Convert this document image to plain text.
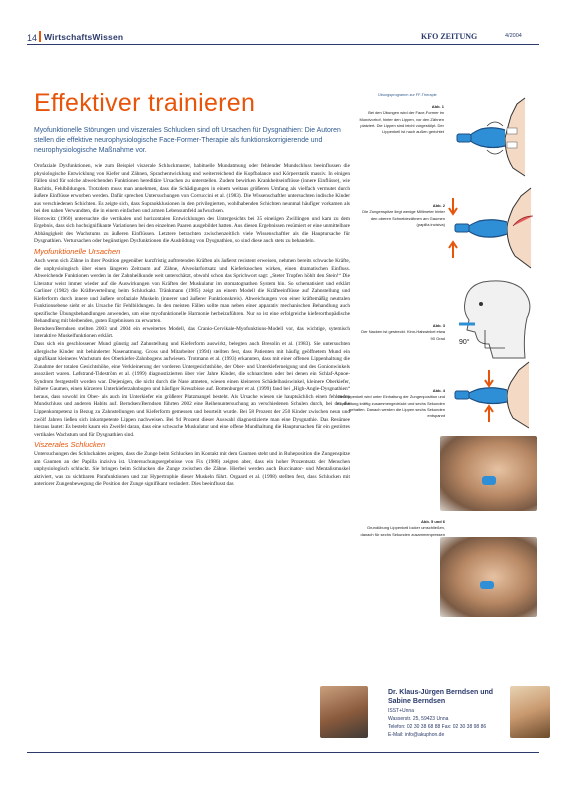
14 WirtschaftsWissen	KFO ZEITUNG	4/2004
Effektiver trainieren

Myofunktionelle Störungen und viszerales Schlucken sind oft Ursachen für Dysgnathien: Die Autoren stellen die effektive neurophysiologische Face-Former-Therapie als funktionskorrigierende und neurophysiologische Maßnahme vor.

Orofaziale Dysfunktionen, wie zum Beispiel viszerale Schluckmuster, habituelle Mundatmung oder fehlender Mundschluss beeinflussen die physiologische Entwicklung von Kiefer und Zähnen, Sprachentwicklung und weiterreichend die Kopfbalance und Körperstatik massiv. In einigen Fällen sind für solche abweichenden Funktionen hereditäre Ursachen zu unterstellen. Zudem bewirken Krankheitseinflüsse (innere Einflüsse), wie Rachitis, Fehlbildungen. Trotzdem muss man annehmen, dass die Schädigungen in einem weitaus größeren Umfang als vielfach vermutet durch äußere Einflüsse erworben werden. Dafür sprechen Untersuchungen von Corruccini et al. (1983). Die Wissenschaftler untersuchten indische Kinder aus verschiedenen Schichten. Es zeigte sich, dass Supraokklusionen in den privilegierten, wohlhabenden Schichten neunmal häufiger vorkamen als bei den nahen Verwandten, die in einem einfachen und armen Lebensumfeld aufwuchsen.

Horrowitz (1960) untersuchte die vertikalen und horizontalen Entwicklungen des Untergesichts bei 35 eineiigen Zwillingen und kam zu dem Ergebnis, dass sich hochsignifikante Variationen bei den einzelnen Paaren ausgebildet hatten. Aus diesen Ergebnissen resümiert er eine unmittelbare Abhängigkeit des Wachstums zu äußeren Einflüssen. Letztere betrachten zwischenzeitlich viele Wissenschaftler als die Hauptursache für Dysgnathien. Vertursachen oder begünstigen Dysfunktionen die Ausbildung von Dysgnathien, so sind diese auch stets zu behandeln.

Myofunktionelle Ursachen

Auch wenn sich Zähne in ihrer Position gegenüber kurzfristig auftretenden Kräften als äußerst resistent erweisen, nehmen bereits schwache Kräfte, die unphysiologisch über einen längeren Zeitraum auf Zähne, Alveolarfortsatz und Kieferknochen wirken, einen dramatischen Einfluss. Abweichende Funktionen werden in der Zahnheilkunde weit unterschätzt, obwohl schon das Sprichwort sagt: „Steter Tropfen höhlt den Stein!“ Die Literatur weist immer wieder auf die Auswirkungen von Kräften der Muskulatur im stomatognathen System hin. So schematisiert und erklärt Garliner (1982) die Kräfteverteilung beim Schluckakt. Tränkmann (1985) zeigt an einem Modell die Kräfteeinflüsse auf Zahnstellung und Kieferform durch innere und äußere orofaziale Muskeln (innerer und äußerer Funktionskreis). Abweichungen von einer kräftemäßig neutralen Funktionsebene sieht er als Ursache für Fehlbildungen. In den meisten Fällen sollte man neben einer apparativ mechanischen Behandlung auch spezifische Übungsbehandlungen anwenden, um eine myofunktionelle Harmonie herbeizuführen. Nur so ist eine erfolgreiche kieferorthopädische Behandlung mit bleibenden, guten Ergebnissen zu erwarten.

Berndsen/Berndsen stellten 2003 und 2004 ein erweitertes Modell, das Cranio-Cervikale-Myofunktions-Modell vor, das wichtige, sytemisch interaktive Muskelfunktionen erklärt.

Dass sich ein geschlossener Mund günstig auf Zahnstellung und Kieferform auswirkt, belegten auch Bresolin et al. (1983). Sie untersuchten allergische Kinder mit behinderter Nasenatmung. Gross und Mitarbeiter (1994) stellten fest, dass Patienten mit häufig geöffnetem Mund ein signifikant kleineres Wachstum des Oberkiefer-Zahnbogens aufwiesen. Trotmann et al. (1993) erkannten, dass mit einer offenen Lippenhaltung die Zunahme der totalen Gesichtshöhe, eine Verkleinerung der vorderen Untergesichtshöhe, der Ober- und Unterkieferneigung und des Gonionwinkels assoziiert waren. Løfstrand-Tideström et al. (1999) diagnostizierten über vier Jahre Kinder, die schnarchten oder bei denen ein Schlaf-Apnoe-Syndrom festgestellt worden war. Diejenigen, die nicht durch die Nase atmeten, wiesen einen kleineren Schädelbasiswinkel, kleinere Oberkiefer, höhere Gaumen, einen kürzeren Unterkieferzahnbogen und häufiger Kreuzbisse auf. Bottenburger et al. (1999) fand bei „High-Angle-Dysgnathien“ heraus, dass sowohl im Ober- als auch im Unterkiefer ein größerer Platzmangel besteht. Als Ursache wiesen sie hauptsächlich einen fehlenden Mundschluss und anderen Habits auf. Berndsen/Berndsen führten 2002 eine Reihenuntersuchung an verschiedenen Schulen durch, bei der die Lippenkompetenz in Bezug zu Zahnstellungen und Kieferform gemessen und beurteilt wurde. Bei 58 Prozent der 250 Kinder zwischen neun und zwölf Jahren ließen sich inkompetente Lippen nachweisen. Bei 94 Prozent dieser Auswahl diagnostizierte man eine Dysgnathie. Das Resümee hieraus lautet: Es besteht kaum ein Zweifel daran, dass eine schwache Muskulatur und eine offene Mundhaltung die Hauptursachen für ein gestörtes vertikales Wachstum und für Dysgnathien sind.

Viszerales Schlucken

Untersuchungen des Schluckaktes zeigten, dass die Zunge beim Schlucken im Kontakt mit dem Gaumen steht und in Ruheposition die Zungenspitze am Gaumen an der Papilla inzisiva ist. Untersuchungsergebnisse von Fix (1986) zeigten aber, dass ein hoher Prozentsatz der Menschen unphysiologisch schluckt. Sie bringen beim Schlucken die Zunge zwischen die Zähne. Hierbei werden auch Buccinator- und Mentalismuskel aktiviert, was zu sichtbaren Parafunktionen und zur Hypertrophie dieser Muskeln führt. Orgaard et al. (1998) stellten fest, dass Schlucken mit anteriorer Zungenbewegung die Position der Zunge signifikant verändert. Dies beeinflusst das

Übungsprogramm zur FF-Therapie
Abb. 1
Bei den Übungen wird der Face-Former im Mundvorhof, hinter den Lippen, vor den Zähnen platziert. Die Lippen sind leicht vorgestülpt. Der Lippenkeil ist nach außen gerichtet
Abb. 2
Die Zungenspitze liegt wenige Millimeter hinter den oberen Schneidezähnen am Gaumen (papilla incisiva)
90°
Abb. 3
Der Nacken ist gestreckt. Kinn-Halswinkel etwa 90 Grad
Abb. 4
Der Lippenkeil wird unter Einhaltung der Zungenposition und Kopfhaltung kräftig zusammengedrückt und sechs Sekunden gehalten. Danach werden die Lippen sechs Sekunden entspannt
Abb. 5 und 6
Grundübung Lippenkeil locker umschließen, danach für sechs Sekunden zusammenpressen
Dr. Klaus-Jürgen Berndsen und
Sabine Berndsen
ISST+Unna
Wasserstr. 25, 59423 Unna
Telefon: 02 30 38 68 88 Fax: 02 30 38 98 86
E-Mail: info@akuphon.de
